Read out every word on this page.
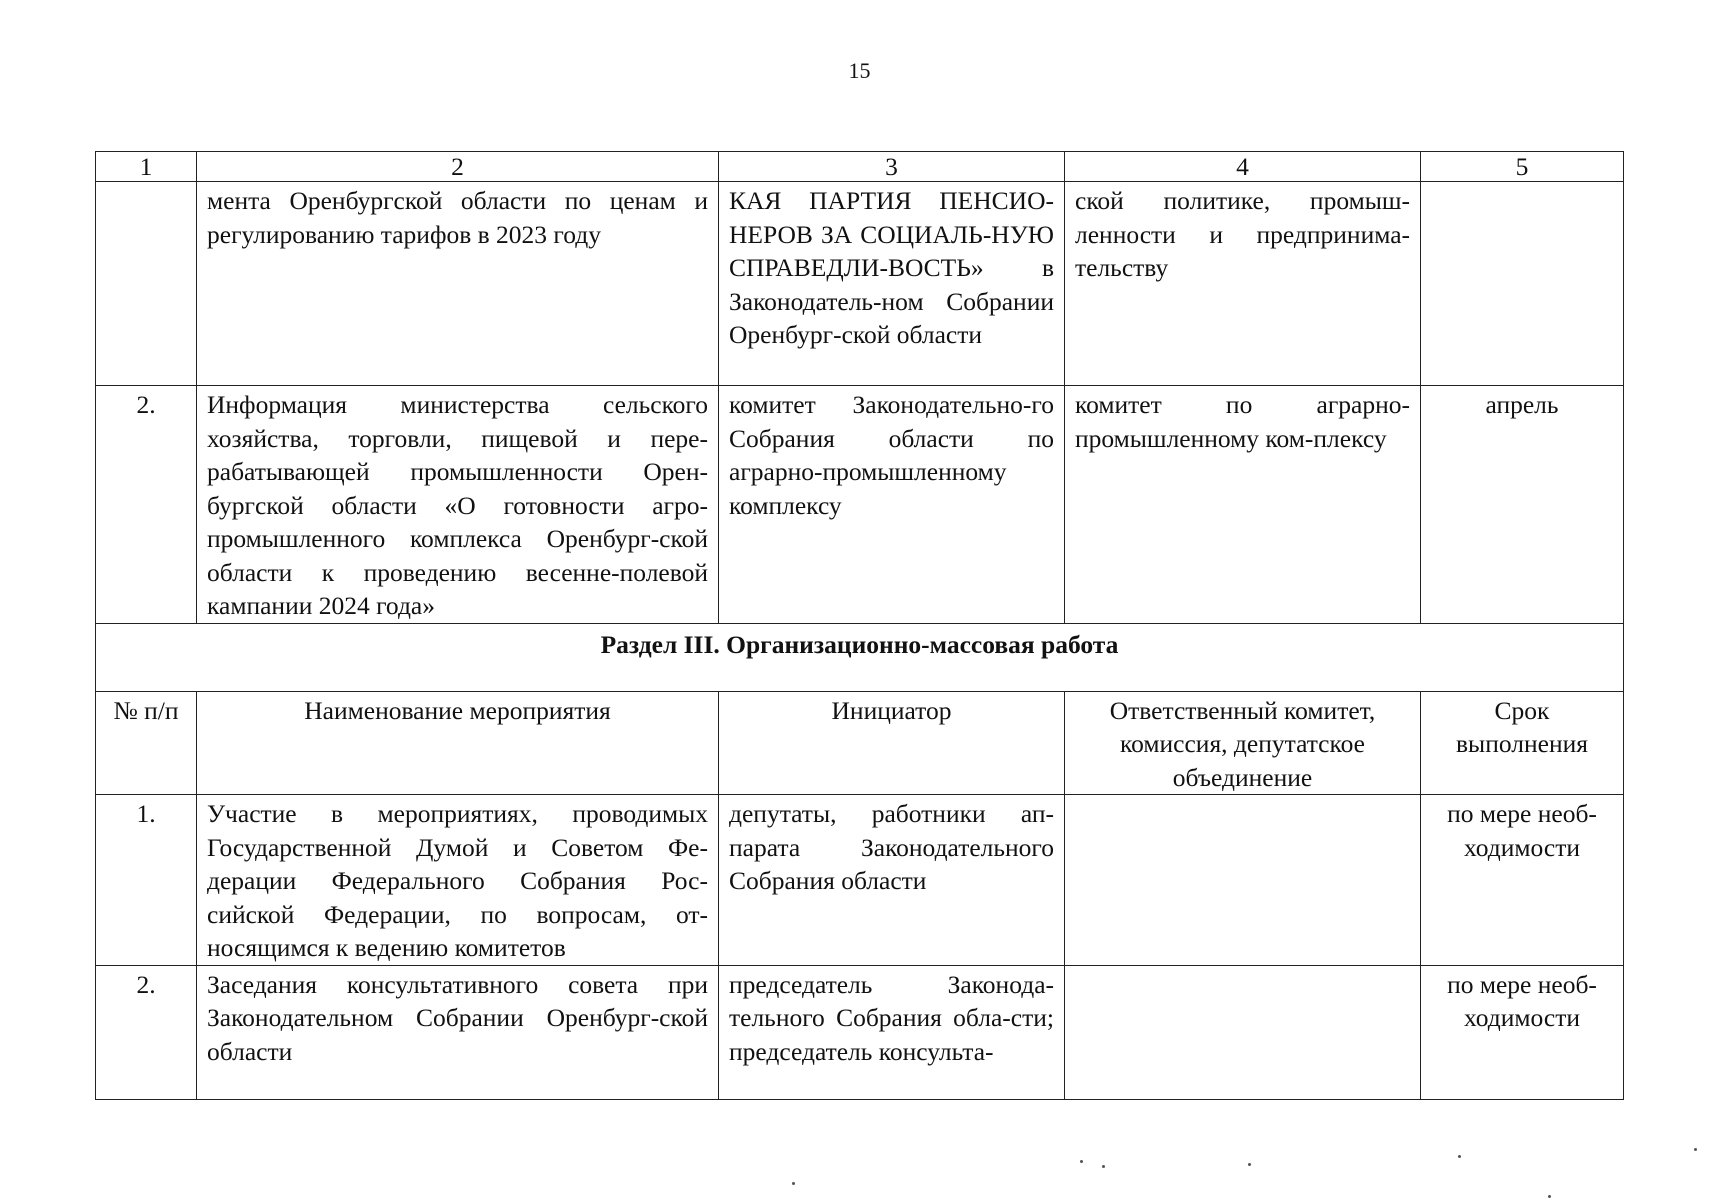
15
1	2	3	4	5
	мента Оренбургской области по ценам и регулированию тарифов в 2023 году	КАЯ ПАРТИЯ ПЕНСИО-НЕРОВ ЗА СОЦИАЛЬ-НУЮ СПРАВЕДЛИ-ВОСТЬ» в Законодатель-ном Собрании Оренбург-ской области	ской политике, промыш-ленности и предпринима-тельству	
2.	Информация министерства сельского хозяйства, торговли, пищевой и пере-рабатывающей промышленности Орен-бургской области «О готовности агро-промышленного комплекса Оренбург-ской области к проведению весенне-полевой кампании 2024 года»	комитет Законодательно-го Собрания области по аграрно-промышленному комплексу	комитет по аграрно-промышленному ком-плексу	апрель
Раздел III. Организационно-массовая работа				
№ п/п	Наименование мероприятия	Инициатор	Ответственный комитет, комиссия, депутатское объединение	Срок выполнения
1.	Участие в мероприятиях, проводимых Государственной Думой и Советом Фе-дерации Федерального Собрания Рос-сийской Федерации, по вопросам, от-носящимся к ведению комитетов	депутаты, работники ап-парата Законодательного Собрания области		по мере необ-ходимости
2.	Заседания консультативного совета при Законодательном Собрании Оренбург-ской области	председатель Законода-тельного Собрания обла-сти; председатель консульта-		по мере необ-ходимости
